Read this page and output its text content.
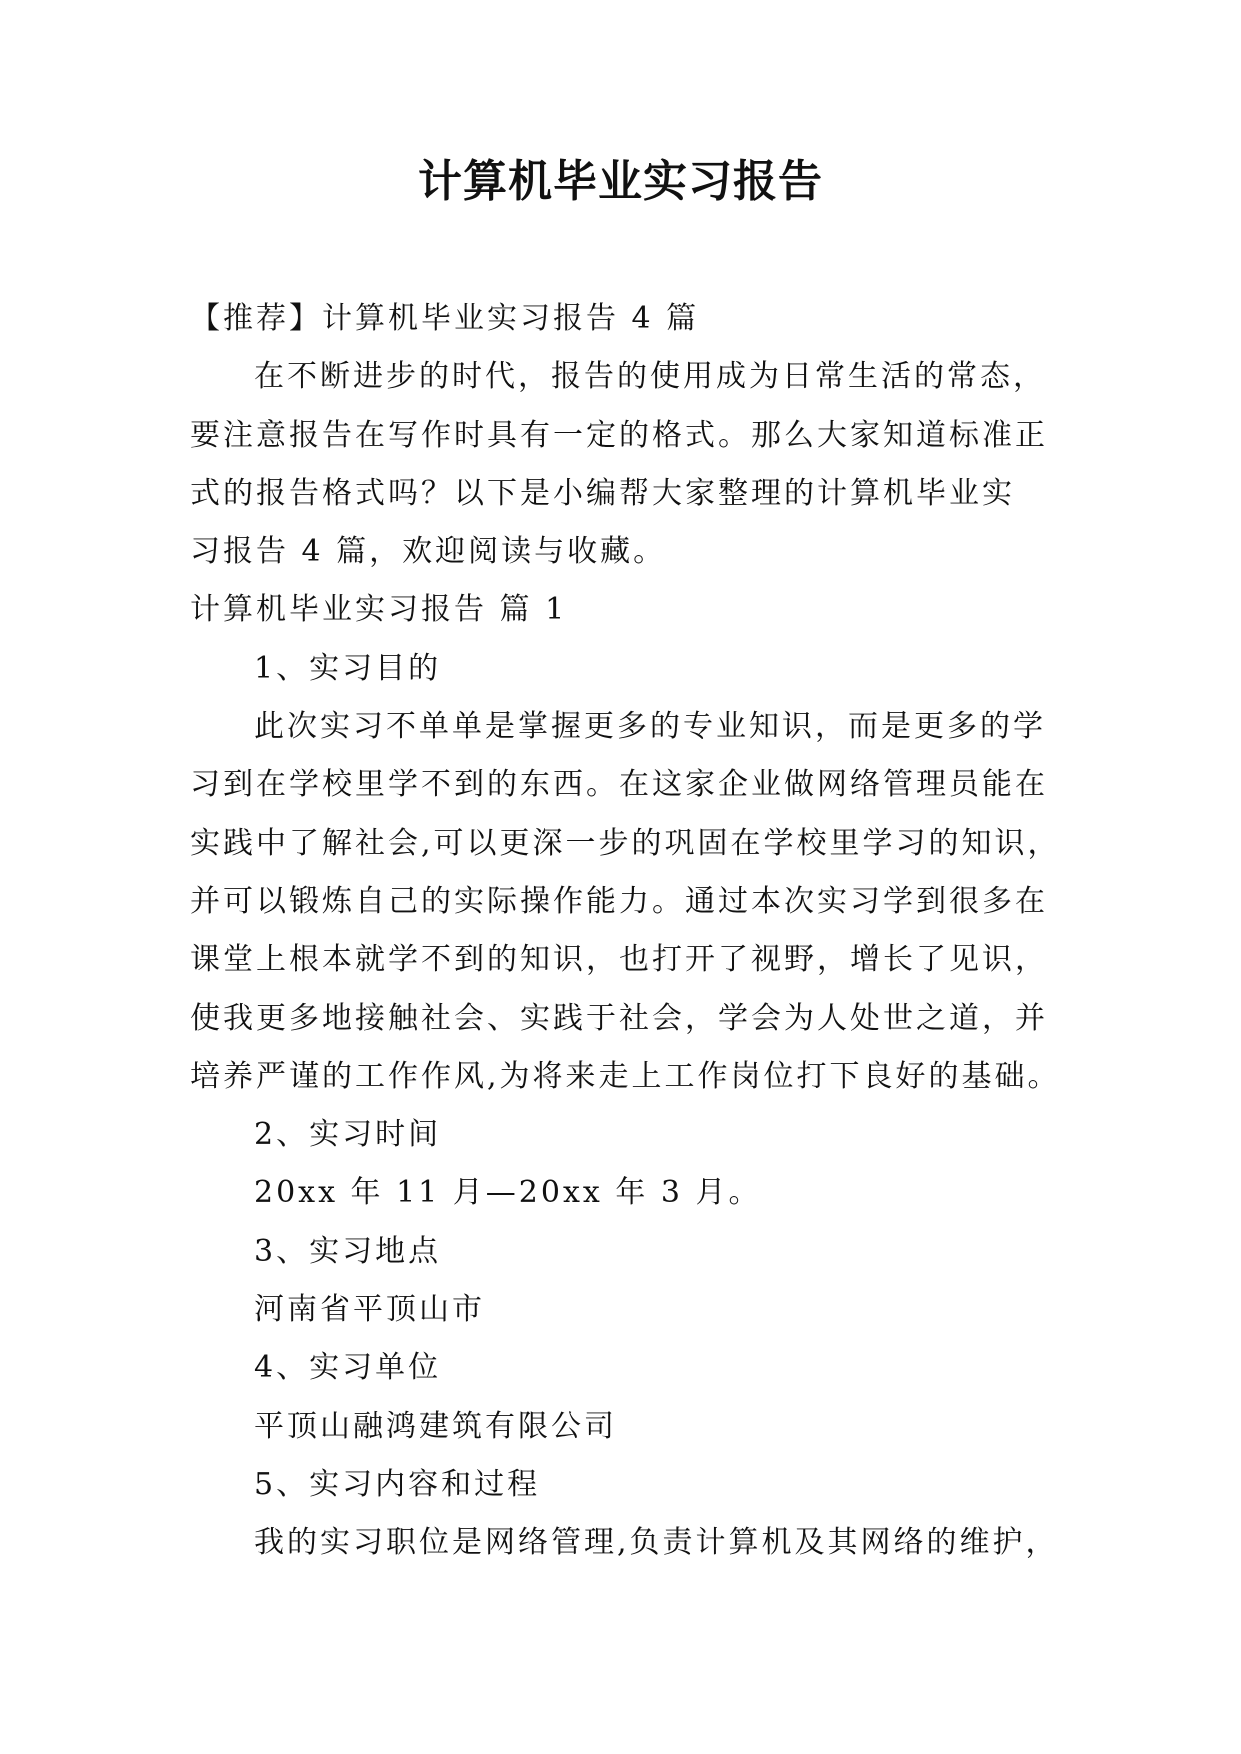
计算机毕业实习报告

【推荐】计算机毕业实习报告 4 篇

在不断进步的时代，报告的使用成为日常生活的常态，

要注意报告在写作时具有一定的格式。那么大家知道标准正

式的报告格式吗？以下是小编帮大家整理的计算机毕业实

习报告 4 篇，欢迎阅读与收藏。

计算机毕业实习报告 篇 1

1、实习目的

此次实习不单单是掌握更多的专业知识，而是更多的学

习到在学校里学不到的东西。在这家企业做网络管理员能在

实践中了解社会,可以更深一步的巩固在学校里学习的知识，

并可以锻炼自己的实际操作能力。通过本次实习学到很多在

课堂上根本就学不到的知识，也打开了视野，增长了见识，

使我更多地接触社会、实践于社会，学会为人处世之道，并

培养严谨的工作作风,为将来走上工作岗位打下良好的基础。

2、实习时间

20xx 年 11 月—20xx 年 3 月。

3、实习地点

河南省平顶山市

4、实习单位

平顶山融鸿建筑有限公司

5、实习内容和过程

我的实习职位是网络管理,负责计算机及其网络的维护，
